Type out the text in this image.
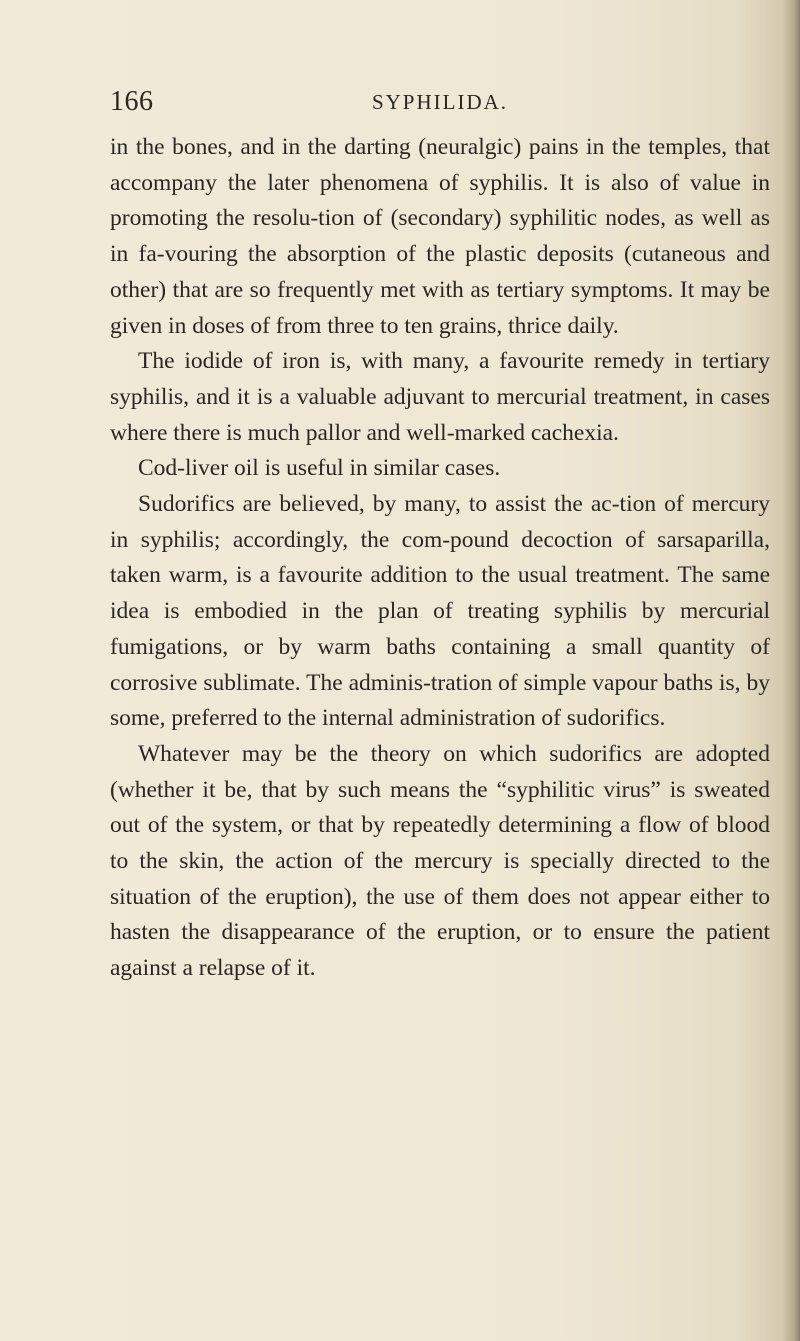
166	SYPHILIDA.

in the bones, and in the darting (neuralgic) pains in the temples, that accompany the later phenomena of syphilis. It is also of value in promoting the resolu-tion of (secondary) syphilitic nodes, as well as in fa-vouring the absorption of the plastic deposits (cutaneous and other) that are so frequently met with as tertiary symptoms. It may be given in doses of from three to ten grains, thrice daily.

The iodide of iron is, with many, a favourite remedy in tertiary syphilis, and it is a valuable adjuvant to mercurial treatment, in cases where there is much pallor and well-marked cachexia.

Cod-liver oil is useful in similar cases.

Sudorifics are believed, by many, to assist the ac-tion of mercury in syphilis; accordingly, the com-pound decoction of sarsaparilla, taken warm, is a favourite addition to the usual treatment. The same idea is embodied in the plan of treating syphilis by mercurial fumigations, or by warm baths containing a small quantity of corrosive sublimate. The adminis-tration of simple vapour baths is, by some, preferred to the internal administration of sudorifics.

Whatever may be the theory on which sudorifics are adopted (whether it be, that by such means the “syphilitic virus” is sweated out of the system, or that by repeatedly determining a flow of blood to the skin, the action of the mercury is specially directed to the situation of the eruption), the use of them does not appear either to hasten the disappearance of the eruption, or to ensure the patient against a relapse of it.
